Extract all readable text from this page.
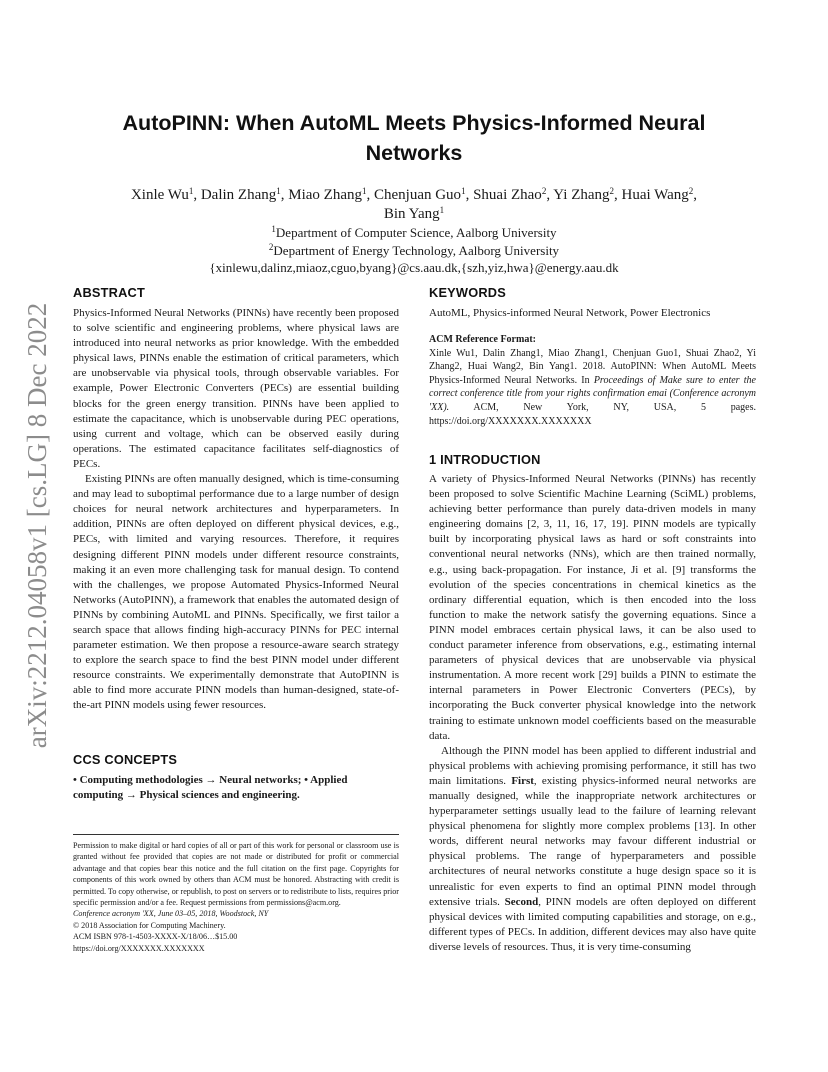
arXiv:2212.04058v1 [cs.LG] 8 Dec 2022
AutoPINN: When AutoML Meets Physics-Informed Neural
Networks
Xinle Wu$^1$, Dalin Zhang$^1$, Miao Zhang$^1$, Chenjuan Guo$^1$, Shuai Zhao$^2$, Yi Zhang$^2$, Huai Wang$^2$,
Bin Yang$^1$
$^1$Department of Computer Science, Aalborg University
$^2$Department of Energy Technology, Aalborg University
{xinlewu,dalinz,miaoz,cguo,byang}@cs.aau.dk,{szh,yiz,hwa}@energy.aau.dk
ABSTRACT

Physics-Informed Neural Networks (PINNs) have recently been proposed to solve scientific and engineering problems, where physical laws are introduced into neural networks as prior knowledge. With the embedded physical laws, PINNs enable the estimation of critical parameters, which are unobservable via physical tools, through observable variables. For example, Power Electronic Converters (PECs) are essential building blocks for the green energy transition. PINNs have been applied to estimate the capacitance, which is unobservable during PEC operations, using current and voltage, which can be observed easily during operations. The estimated capacitance facilitates self-diagnostics of PECs.

Existing PINNs are often manually designed, which is time-consuming and may lead to suboptimal performance due to a large number of design choices for neural network architectures and hyperparameters. In addition, PINNs are often deployed on different physical devices, e.g., PECs, with limited and varying resources. Therefore, it requires designing different PINN models under different resource constraints, making it an even more challenging task for manual design. To contend with the challenges, we propose Automated Physics-Informed Neural Networks (AutoPINN), a framework that enables the automated design of PINNs by combining AutoML and PINNs. Specifically, we first tailor a search space that allows finding high-accuracy PINNs for PEC internal parameter estimation. We then propose a resource-aware search strategy to explore the search space to find the best PINN model under different resource constraints. We experimentally demonstrate that AutoPINN is able to find more accurate PINN models than human-designed, state-of-the-art PINN models using fewer resources.

CCS CONCEPTS
• Computing methodologies → Neural networks; • Applied computing → Physical sciences and engineering.
Permission to make digital or hard copies of all or part of this work for personal or classroom use is granted without fee provided that copies are not made or distributed for profit or commercial advantage and that copies bear this notice and the full citation on the first page. Copyrights for components of this work owned by others than ACM must be honored. Abstracting with credit is permitted. To copy otherwise, or republish, to post on servers or to redistribute to lists, requires prior specific permission and/or a fee. Request permissions from permissions@acm.org.
Conference acronym 'XX, June 03–05, 2018, Woodstock, NY
© 2018 Association for Computing Machinery.
ACM ISBN 978-1-4503-XXXX-X/18/06…$15.00
https://doi.org/XXXXXXX.XXXXXXX
KEYWORDS
AutoML, Physics-informed Neural Network, Power Electronics
ACM Reference Format:
Xinle Wu1, Dalin Zhang1, Miao Zhang1, Chenjuan Guo1, Shuai Zhao2, Yi Zhang2, Huai Wang2, Bin Yang1. 2018. AutoPINN: When AutoML Meets Physics-Informed Neural Networks. In Proceedings of Make sure to enter the correct conference title from your rights confirmation emai (Conference acronym 'XX). ACM, New York, NY, USA, 5 pages. https://doi.org/XXXXXXX.XXXXXXX
1 INTRODUCTION

A variety of Physics-Informed Neural Networks (PINNs) has recently been proposed to solve Scientific Machine Learning (SciML) problems, achieving better performance than purely data-driven models in many engineering domains [2, 3, 11, 16, 17, 19]. PINN models are typically built by incorporating physical laws as hard or soft constraints into conventional neural networks (NNs), which are then trained normally, e.g., using back-propagation. For instance, Ji et al. [9] transforms the evolution of the species concentrations in chemical kinetics as the ordinary differential equation, which is then encoded into the loss function to make the network satisfy the governing equations. Since a PINN model embraces certain physical laws, it can be also used to conduct parameter inference from observations, e.g., estimating internal parameters of physical devices that are unobservable via physical instrumentation. A more recent work [29] builds a PINN to estimate the internal parameters in Power Electronic Converters (PECs), by incorporating the Buck converter physical knowledge into the network training to estimate unknown model coefficients based on the measurable data.

Although the PINN model has been applied to different industrial and physical problems with achieving promising performance, it still has two main limitations. First, existing physics-informed neural networks are manually designed, while the inappropriate network architectures or hyperparameter settings usually lead to the failure of learning relevant physical phenomena for slightly more complex problems [13]. In other words, different neural networks may favour different industrial or physical problems. The range of hyperparameters and possible architectures of neural networks constitute a huge design space so it is unrealistic for even experts to find an optimal PINN model through extensive trials. Second, PINN models are often deployed on different physical devices with limited computing capabilities and storage, on e.g., different types of PECs. In addition, different devices may also have quite diverse levels of resources. Thus, it is very time-consuming
